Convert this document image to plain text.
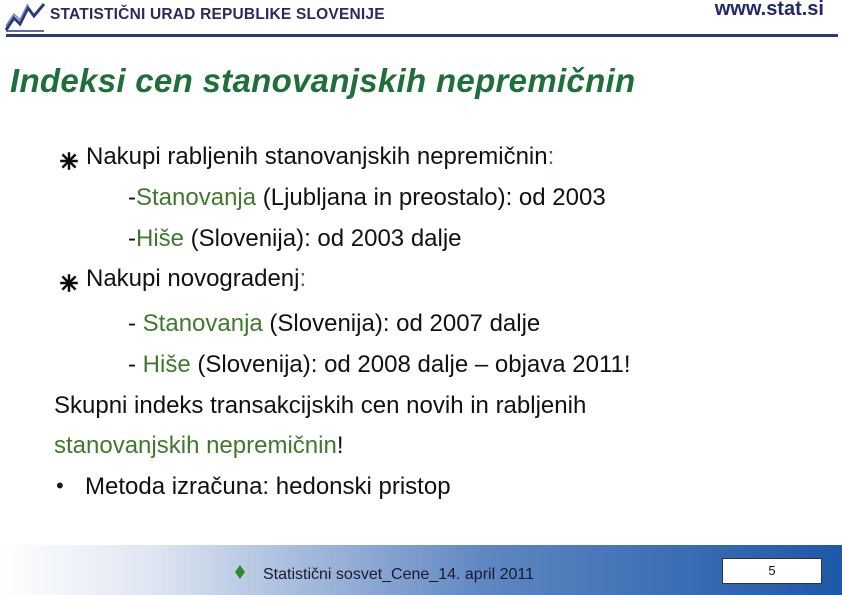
STATISTIČNI URAD REPUBLIKE SLOVENIJE	www.stat.si
Indeksi cen stanovanjskih nepremičnin
Nakupi rabljenih stanovanjskih nepremičnin:
-Stanovanja (Ljubljana in preostalo): od 2003
-Hiše (Slovenija): od 2003 dalje
Nakupi novogradenj:
- Stanovanja (Slovenija): od 2007 dalje
- Hiše (Slovenija): od 2008 dalje – objava 2011!
Skupni indeks transakcijskih cen novih in rabljenih
stanovanjskih nepremičnin!
• Metoda izračuna: hedonski pristop
Statistični sosvet_Cene_14. april 2011	5
